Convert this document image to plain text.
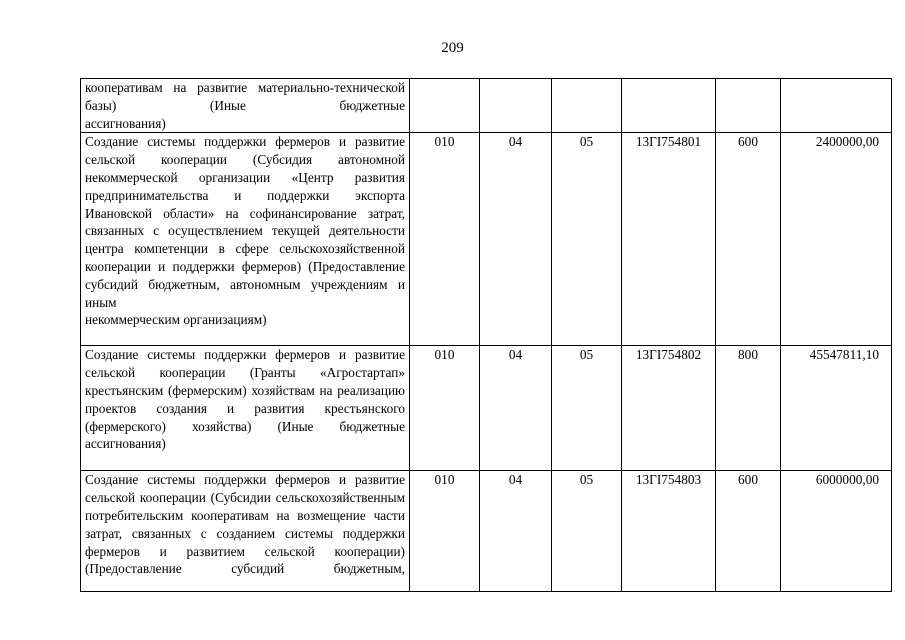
209
кооперативам на развитие материально-технической базы) (Иные бюджетные
ассигнования)						

Создание системы поддержки фермеров и развитие сельской кооперации (Субсидия автономной некоммерческой организации «Центр развития предпринимательства и поддержки экспорта Ивановской области» на софинансирование затрат, связанных с осуществлением текущей деятельности центра компетенции в сфере сельскохозяйственной кооперации и поддержки фермеров) (Предоставление субсидий бюджетным, автономным учреждениям и иным
некоммерческим организациям)	010	04	05	13ГI754801	600	2400000,00
Создание системы поддержки фермеров и развитие сельской кооперации (Гранты «Агростартап» крестьянским (фермерским) хозяйствам на реализацию проектов создания и развития крестьянского (фермерского) хозяйства) (Иные бюджетные
ассигнования)	010	04	05	13ГI754802	800	45547811,10
Создание системы поддержки фермеров и развитие сельской кооперации (Субсидии сельскохозяйственным потребительским кооперативам на возмещение части затрат, связанных с созданием системы поддержки фермеров и развитием сельской кооперации) (Предоставление субсидий бюджетным,	010	04	05	13ГI754803	600	6000000,00
